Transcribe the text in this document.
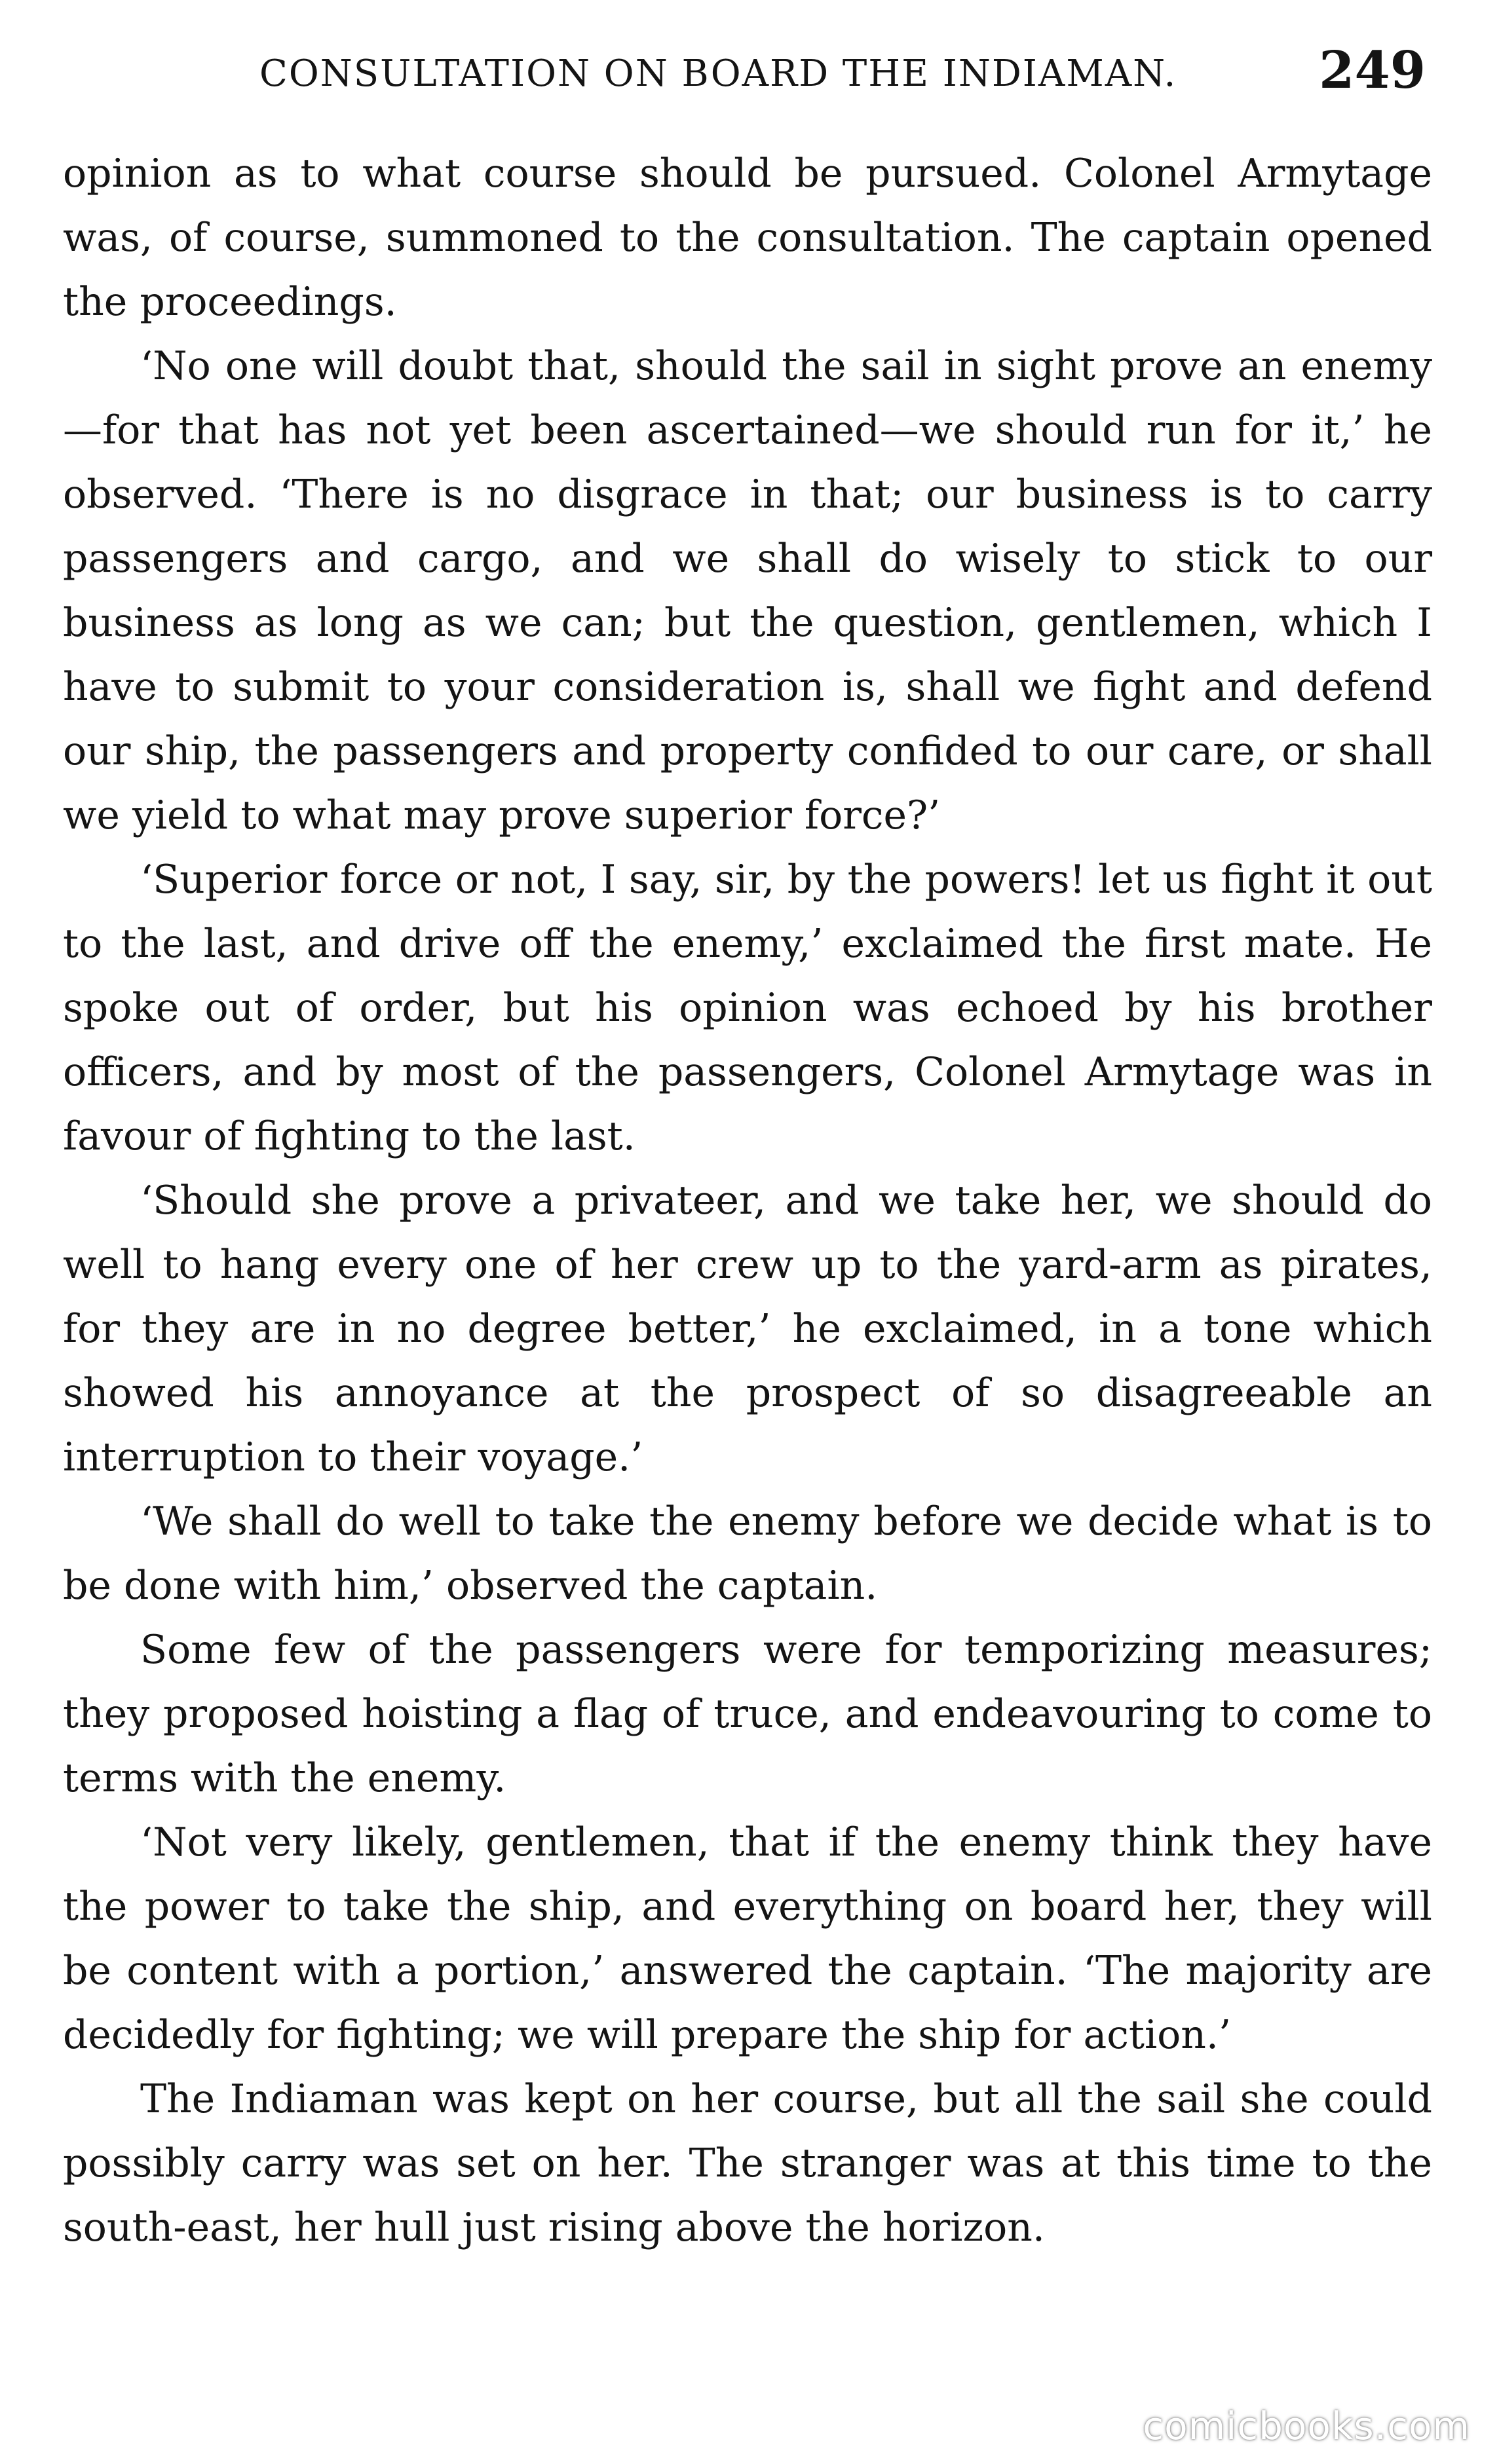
CONSULTATION ON BOARD THE INDIAMAN.	249

opinion as to what course should be pursued. Colonel Armytage was, of course, summoned to the consultation. The captain opened the proceedings.

‘No one will doubt that, should the sail in sight prove an enemy—for that has not yet been ascertained—we should run for it,’ he observed. ‘There is no disgrace in that; our business is to carry passengers and cargo, and we shall do wisely to stick to our business as long as we can; but the question, gentlemen, which I have to submit to your consideration is, shall we fight and defend our ship, the passengers and property confided to our care, or shall we yield to what may prove superior force?’

‘Superior force or not, I say, sir, by the powers! let us fight it out to the last, and drive off the enemy,’ exclaimed the first mate. He spoke out of order, but his opinion was echoed by his brother officers, and by most of the passengers, Colonel Armytage was in favour of fighting to the last.

‘Should she prove a privateer, and we take her, we should do well to hang every one of her crew up to the yard-arm as pirates, for they are in no degree better,’ he exclaimed, in a tone which showed his annoyance at the prospect of so disagreeable an interruption to their voyage.’

‘We shall do well to take the enemy before we decide what is to be done with him,’ observed the captain.

Some few of the passengers were for temporizing measures; they proposed hoisting a flag of truce, and endeavouring to come to terms with the enemy.

‘Not very likely, gentlemen, that if the enemy think they have the power to take the ship, and everything on board her, they will be content with a portion,’ answered the captain. ‘The majority are decidedly for fighting; we will prepare the ship for action.’

The Indiaman was kept on her course, but all the sail she could possibly carry was set on her. The stranger was at this time to the south-east, her hull just rising above the horizon.

comicbooks.com
